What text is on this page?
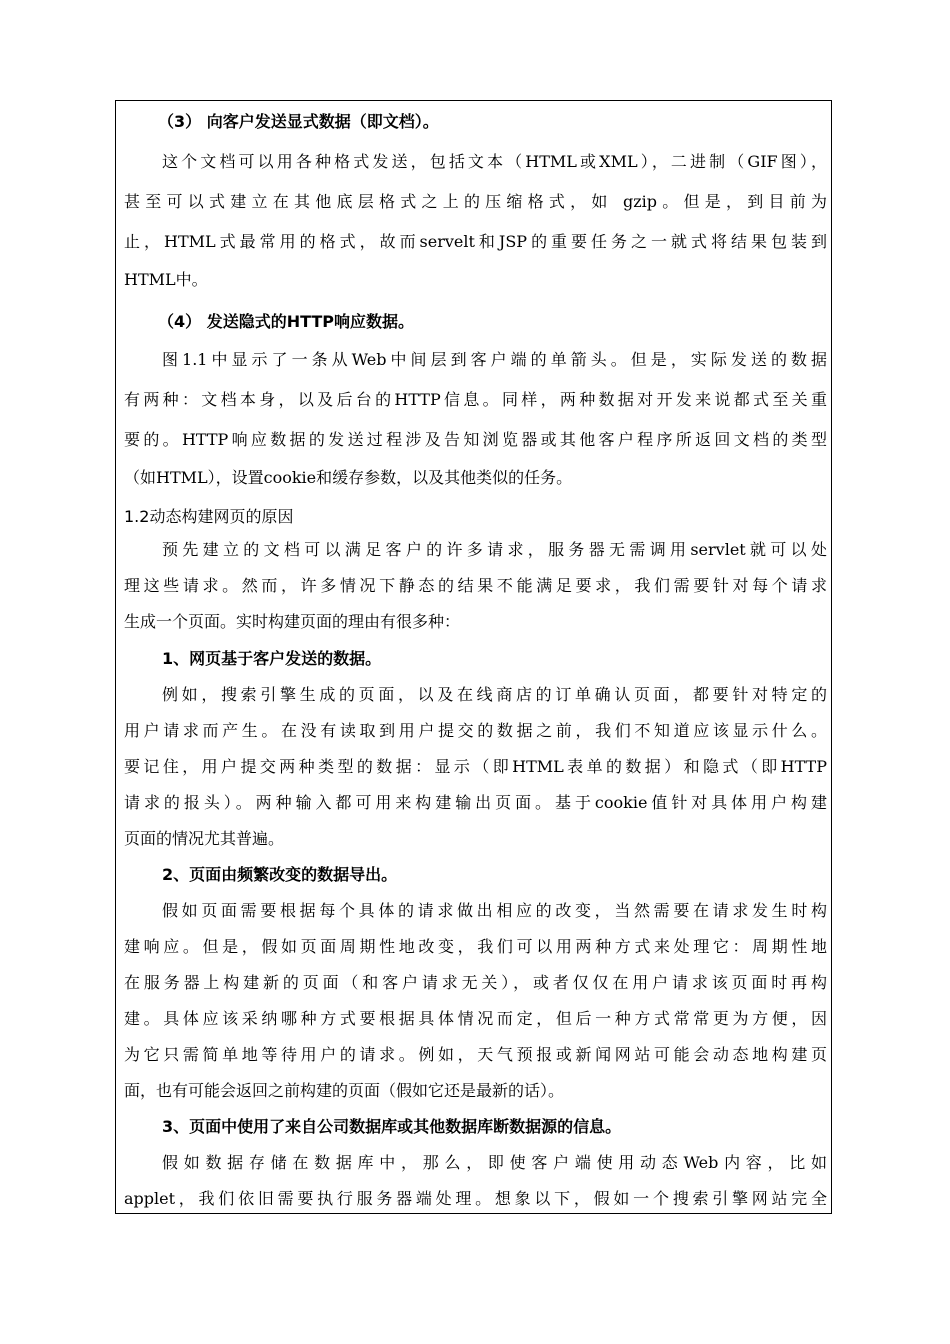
（3） 向客户发送显式数据（即文档）。
这个文档可以用各种格式发送，包括文本（HTML或XML），二进制（GIF图），
甚至可以式建立在其他底层格式之上的压缩格式，如 gzip。但是，到目前为
止，HTML式最常用的格式，故而servelt和JSP的重要任务之一就式将结果包装到
HTML中。
（4） 发送隐式的HTTP响应数据。
图1.1中显示了一条从Web中间层到客户端的单箭头。但是，实际发送的数据
有两种：文档本身，以及后台的HTTP信息。同样，两种数据对开发来说都式至关重
要的。HTTP响应数据的发送过程涉及告知浏览器或其他客户程序所返回文档的类型
（如HTML），设置cookie和缓存参数，以及其他类似的任务。
1.2动态构建网页的原因
预先建立的文档可以满足客户的许多请求，服务器无需调用servlet就可以处
理这些请求。然而，许多情况下静态的结果不能满足要求，我们需要针对每个请求
生成一个页面。实时构建页面的理由有很多种：
1、网页基于客户发送的数据。
例如，搜索引擎生成的页面，以及在线商店的订单确认页面，都要针对特定的
用户请求而产生。在没有读取到用户提交的数据之前，我们不知道应该显示什么。
要记住，用户提交两种类型的数据：显示（即HTML表单的数据）和隐式（即HTTP
请求的报头）。两种输入都可用来构建输出页面。基于cookie值针对具体用户构建
页面的情况尤其普遍。
2、页面由频繁改变的数据导出。
假如页面需要根据每个具体的请求做出相应的改变，当然需要在请求发生时构
建响应。但是，假如页面周期性地改变，我们可以用两种方式来处理它：周期性地
在服务器上构建新的页面（和客户请求无关），或者仅仅在用户请求该页面时再构
建。具体应该采纳哪种方式要根据具体情况而定，但后一种方式常常更为方便，因
为它只需简单地等待用户的请求。例如，天气预报或新闻网站可能会动态地构建页
面，也有可能会返回之前构建的页面（假如它还是最新的话）。
3、页面中使用了来自公司数据库或其他数据库断数据源的信息。
假如数据存储在数据库中，那么，即使客户端使用动态Web内容，比如
applet，我们依旧需要执行服务器端处理。想象以下，假如一个搜索引擎网站完全
